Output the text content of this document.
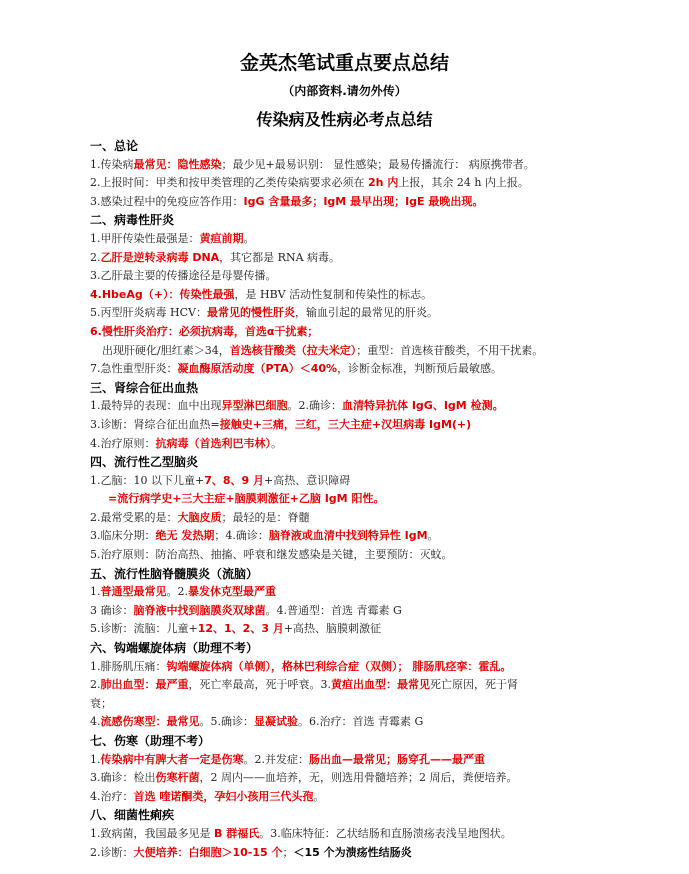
金英杰笔试重点要点总结
（内部资料.请勿外传）
传染病及性病必考点总结
一、总论
1.传染病最常见：隐性感染；最少见+最易识别： 显性感染；最易传播流行： 病原携带者。
2.上报时间：甲类和按甲类管理的乙类传染病要求必须在 2h 内上报，其余 24 h 内上报。
3.感染过程中的免疫应答作用：IgG 含量最多；IgM 最早出现；IgE 最晚出现。
二、病毒性肝炎
1.甲肝传染性最强是：黄疸前期。
2.乙肝是逆转录病毒 DNA，其它都是 RNA 病毒。
3.乙肝最主要的传播途径是母婴传播。
4.HbeAg（+）：传染性最强，是 HBV 活动性复制和传染性的标志。
5.丙型肝炎病毒 HCV：最常见的慢性肝炎，输血引起的最常见的肝炎。
6.慢性肝炎治疗：必须抗病毒，首选α干扰素；
出现肝硬化/胆红素＞34，首选核苷酸类（拉夫米定）；重型：首选核苷酸类，不用干扰素。
7.急性重型肝炎：凝血酶原活动度（PTA）＜40%，诊断金标准，判断预后最敏感。
三、肾综合征出血热
1.最特异的表现：血中出现异型淋巴细胞。2.确诊：血清特异抗体 IgG、IgM 检测。
3.诊断：肾综合征出血热=接触史+三痛，三红，三大主症+汉坦病毒 IgM(+)
4.治疗原则：抗病毒（首选利巴韦林）。
四、流行性乙型脑炎
1.乙脑：10 以下儿童+7、8、9 月+高热、意识障碍
=流行病学史+三大主症+脑膜刺激征+乙脑 IgM 阳性。
2.最常受累的是：大脑皮质；最轻的是：脊髓
3.临床分期：绝无 发热期；4.确诊：脑脊液或血清中找到特异性 IgM。
5.治疗原则：防治高热、抽搐、呼衰和继发感染是关键，主要预防：灭蚊。
五、流行性脑脊髓膜炎（流脑）
1.普通型最常见。2.暴发休克型最严重
3 确诊：脑脊液中找到脑膜炎双球菌。4.普通型：首选 青霉素 G
5.诊断：流脑：儿童+12、1、2、3 月+高热、脑膜刺激征
六、钩端螺旋体病（助理不考）
1.腓肠肌压痛：钩端螺旋体病（单侧），格林巴利综合症（双侧）； 腓肠肌痉挛：霍乱。
2.肺出血型：最严重，死亡率最高，死于呼衰。3.黄疸出血型：最常见死亡原因，死于肾
衰；
4.流感伤寒型：最常见。5.确诊：显凝试验。6.治疗：首选 青霉素 G
七、伤寒（助理不考）
1.传染病中有脾大者一定是伤寒。2.并发症：肠出血—最常见；肠穿孔——最严重
3.确诊：检出伤寒杆菌，2 周内——血培养，无，则选用骨髓培养；2 周后，粪便培养。
4.治疗：首选 喹诺酮类，孕妇小孩用三代头孢。
八、细菌性痢疾
1.致病菌，我国最多见是 B 群福氏。3.临床特征：乙状结肠和直肠溃疡表浅呈地图状。
2.诊断：大便培养：白细胞＞10-15 个；＜15 个为溃疡性结肠炎
